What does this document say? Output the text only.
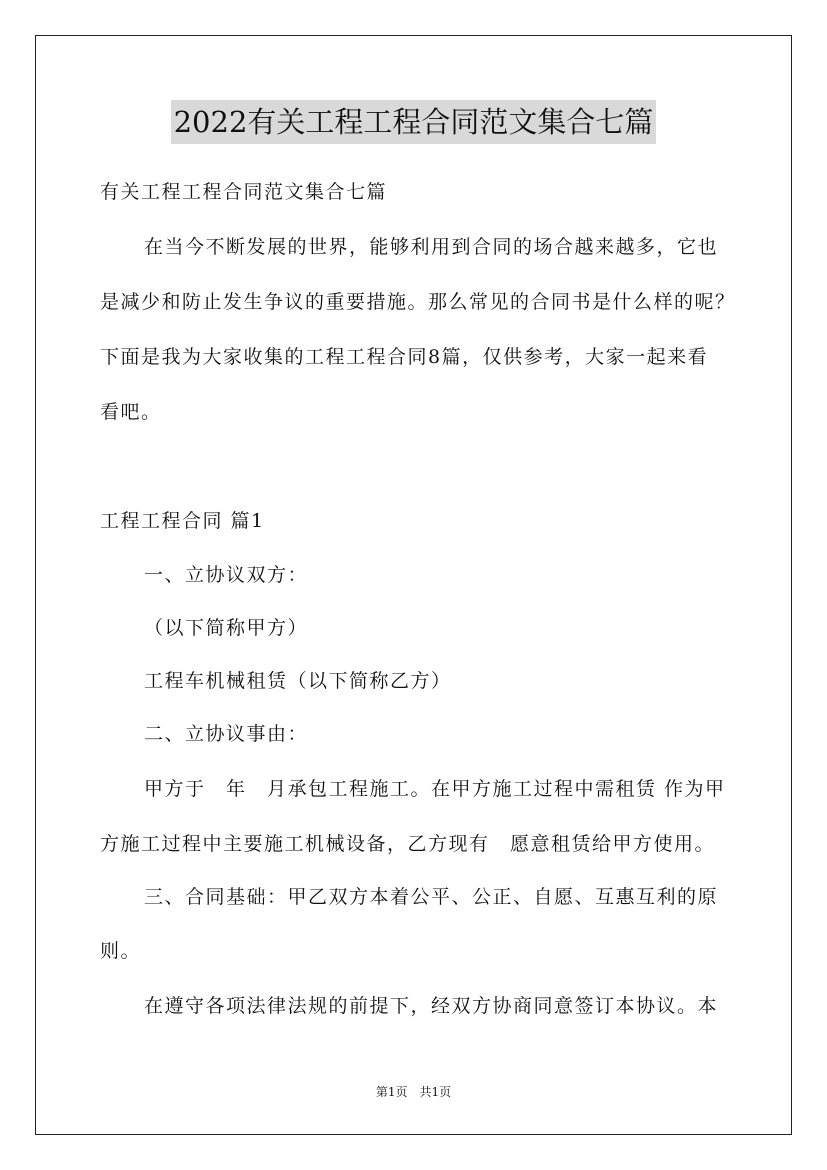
2022有关工程工程合同范文集合七篇
有关工程工程合同范文集合七篇
在当今不断发展的世界，能够利用到合同的场合越来越多，它也
是减少和防止发生争议的重要措施。那么常见的合同书是什么样的呢？
下面是我为大家收集的工程工程合同8篇，仅供参考，大家一起来看
看吧。
工程工程合同 篇1
一、立协议双方：
（以下简称甲方）
工程车机械租赁（以下简称乙方）
二、立协议事由：
甲方于　年　月承包工程施工。在甲方施工过程中需租赁 作为甲
方施工过程中主要施工机械设备，乙方现有　愿意租赁给甲方使用。
三、合同基础：甲乙双方本着公平、公正、自愿、互惠互利的原
则。
在遵守各项法律法规的前提下，经双方协商同意签订本协议。本
第1页　共1页
